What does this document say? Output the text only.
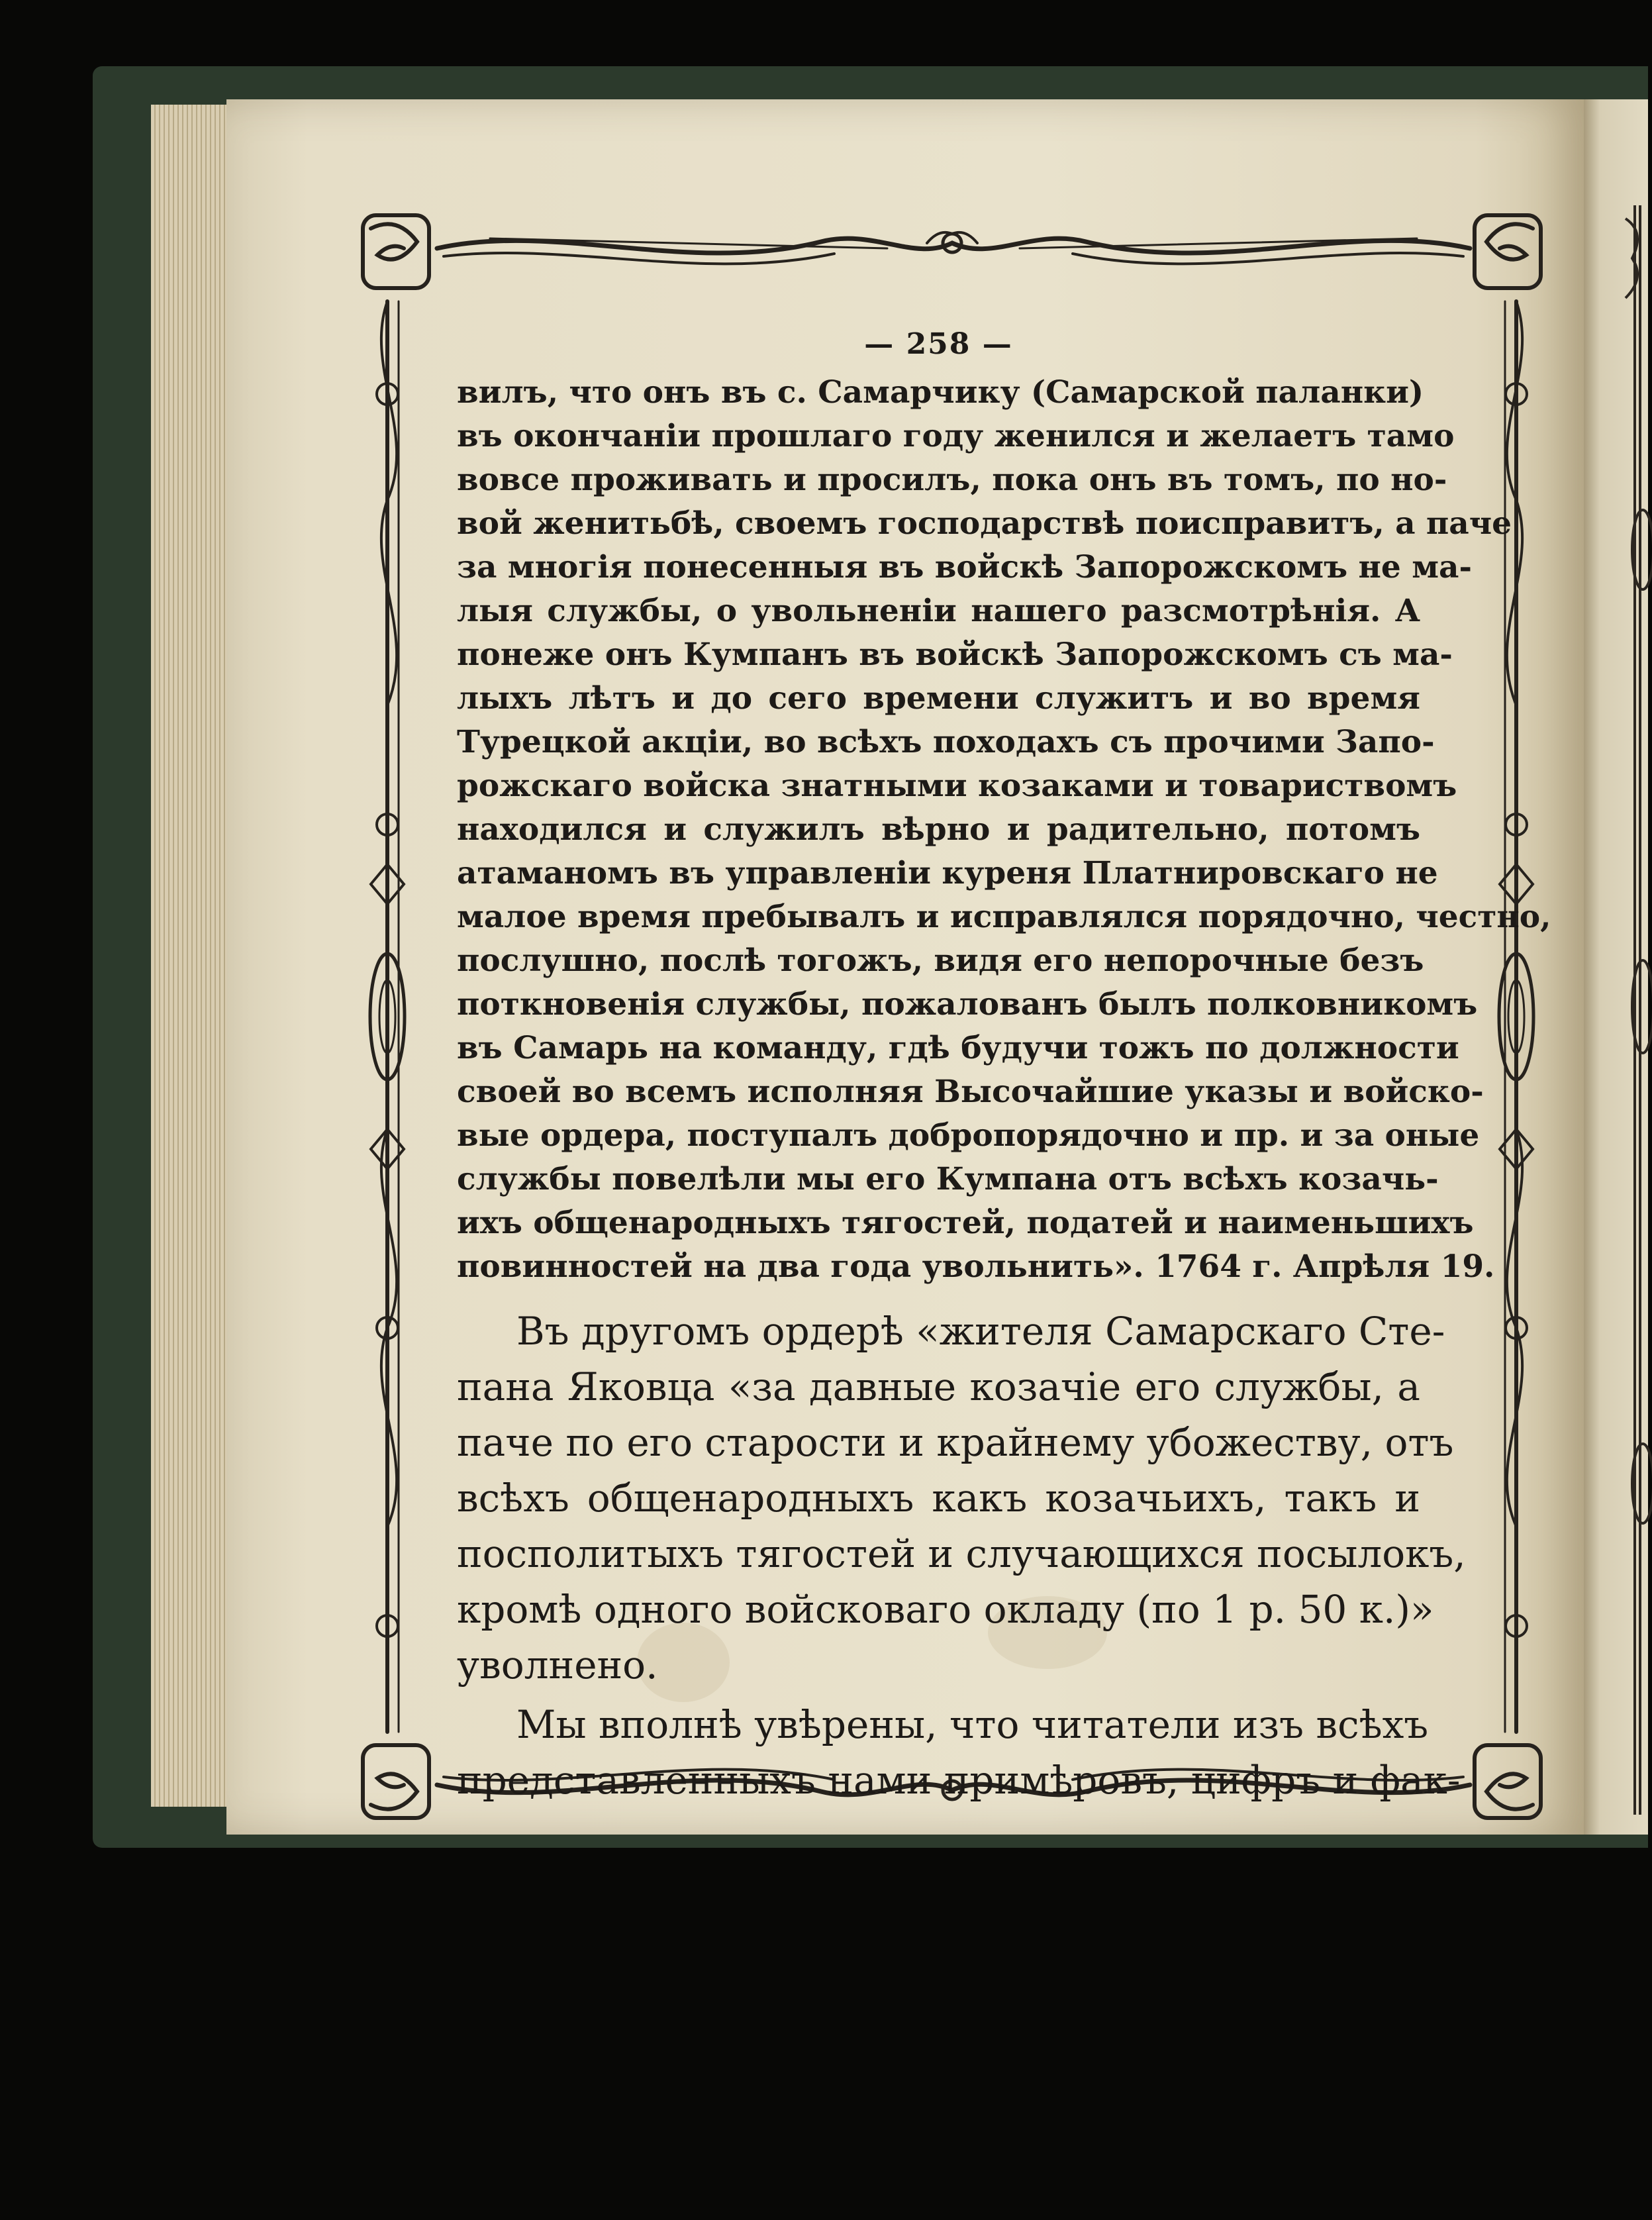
— 258 —
вилъ, что онъ въ с. Самарчику (Самарской паланки)
въ окончаніи прошлаго году женился и желаетъ тамо
вовсе проживать и просилъ, пока онъ въ томъ, по но-
вой женитьбѣ, своемъ господарствѣ поисправитъ, а паче
за многія понесенныя въ войскѣ Запорожскомъ не ма-
лыя службы, о увольненіи нашего разсмотрѣнія. А
понеже онъ Кумпанъ въ войскѣ Запорожскомъ съ ма-
лыхъ лѣтъ и до сего времени служитъ и во время
Турецкой акціи, во всѣхъ походахъ съ прочими Запо-
рожскаго войска знатными козаками и товариствомъ
находился и служилъ вѣрно и радительно, потомъ
атаманомъ въ управленіи куреня Платнировскаго не
малое время пребывалъ и исправлялся порядочно, честно,
послушно, послѣ тогожъ, видя его непорочные безъ
поткновенія службы, пожалованъ былъ полковникомъ
въ Самарь на команду, гдѣ будучи тожъ по должности
своей во всемъ исполняя Высочайшие указы и войско-
вые ордера, поступалъ добропорядочно и пр. и за оные
службы повелѣли мы его Кумпана отъ всѣхъ козачь-
ихъ общенародныхъ тягостей, податей и наименьшихъ
повинностей на два года увольнить». 1764 г. Апрѣля 19.
Въ другомъ ордерѣ «жителя Самарскаго Сте-
пана Яковца «за давные козачіе его службы, а
паче по его старости и крайнему убожеству, отъ
всѣхъ общенародныхъ какъ козачьихъ, такъ и
посполитыхъ тягостей и случающихся посылокъ,
кромѣ одного войсковаго окладу (по 1 р. 50 к.)»
уволнено.
Мы вполнѣ увѣрены, что читатели изъ всѣхъ
представленныхъ нами примѣровъ, цифръ и фак-
